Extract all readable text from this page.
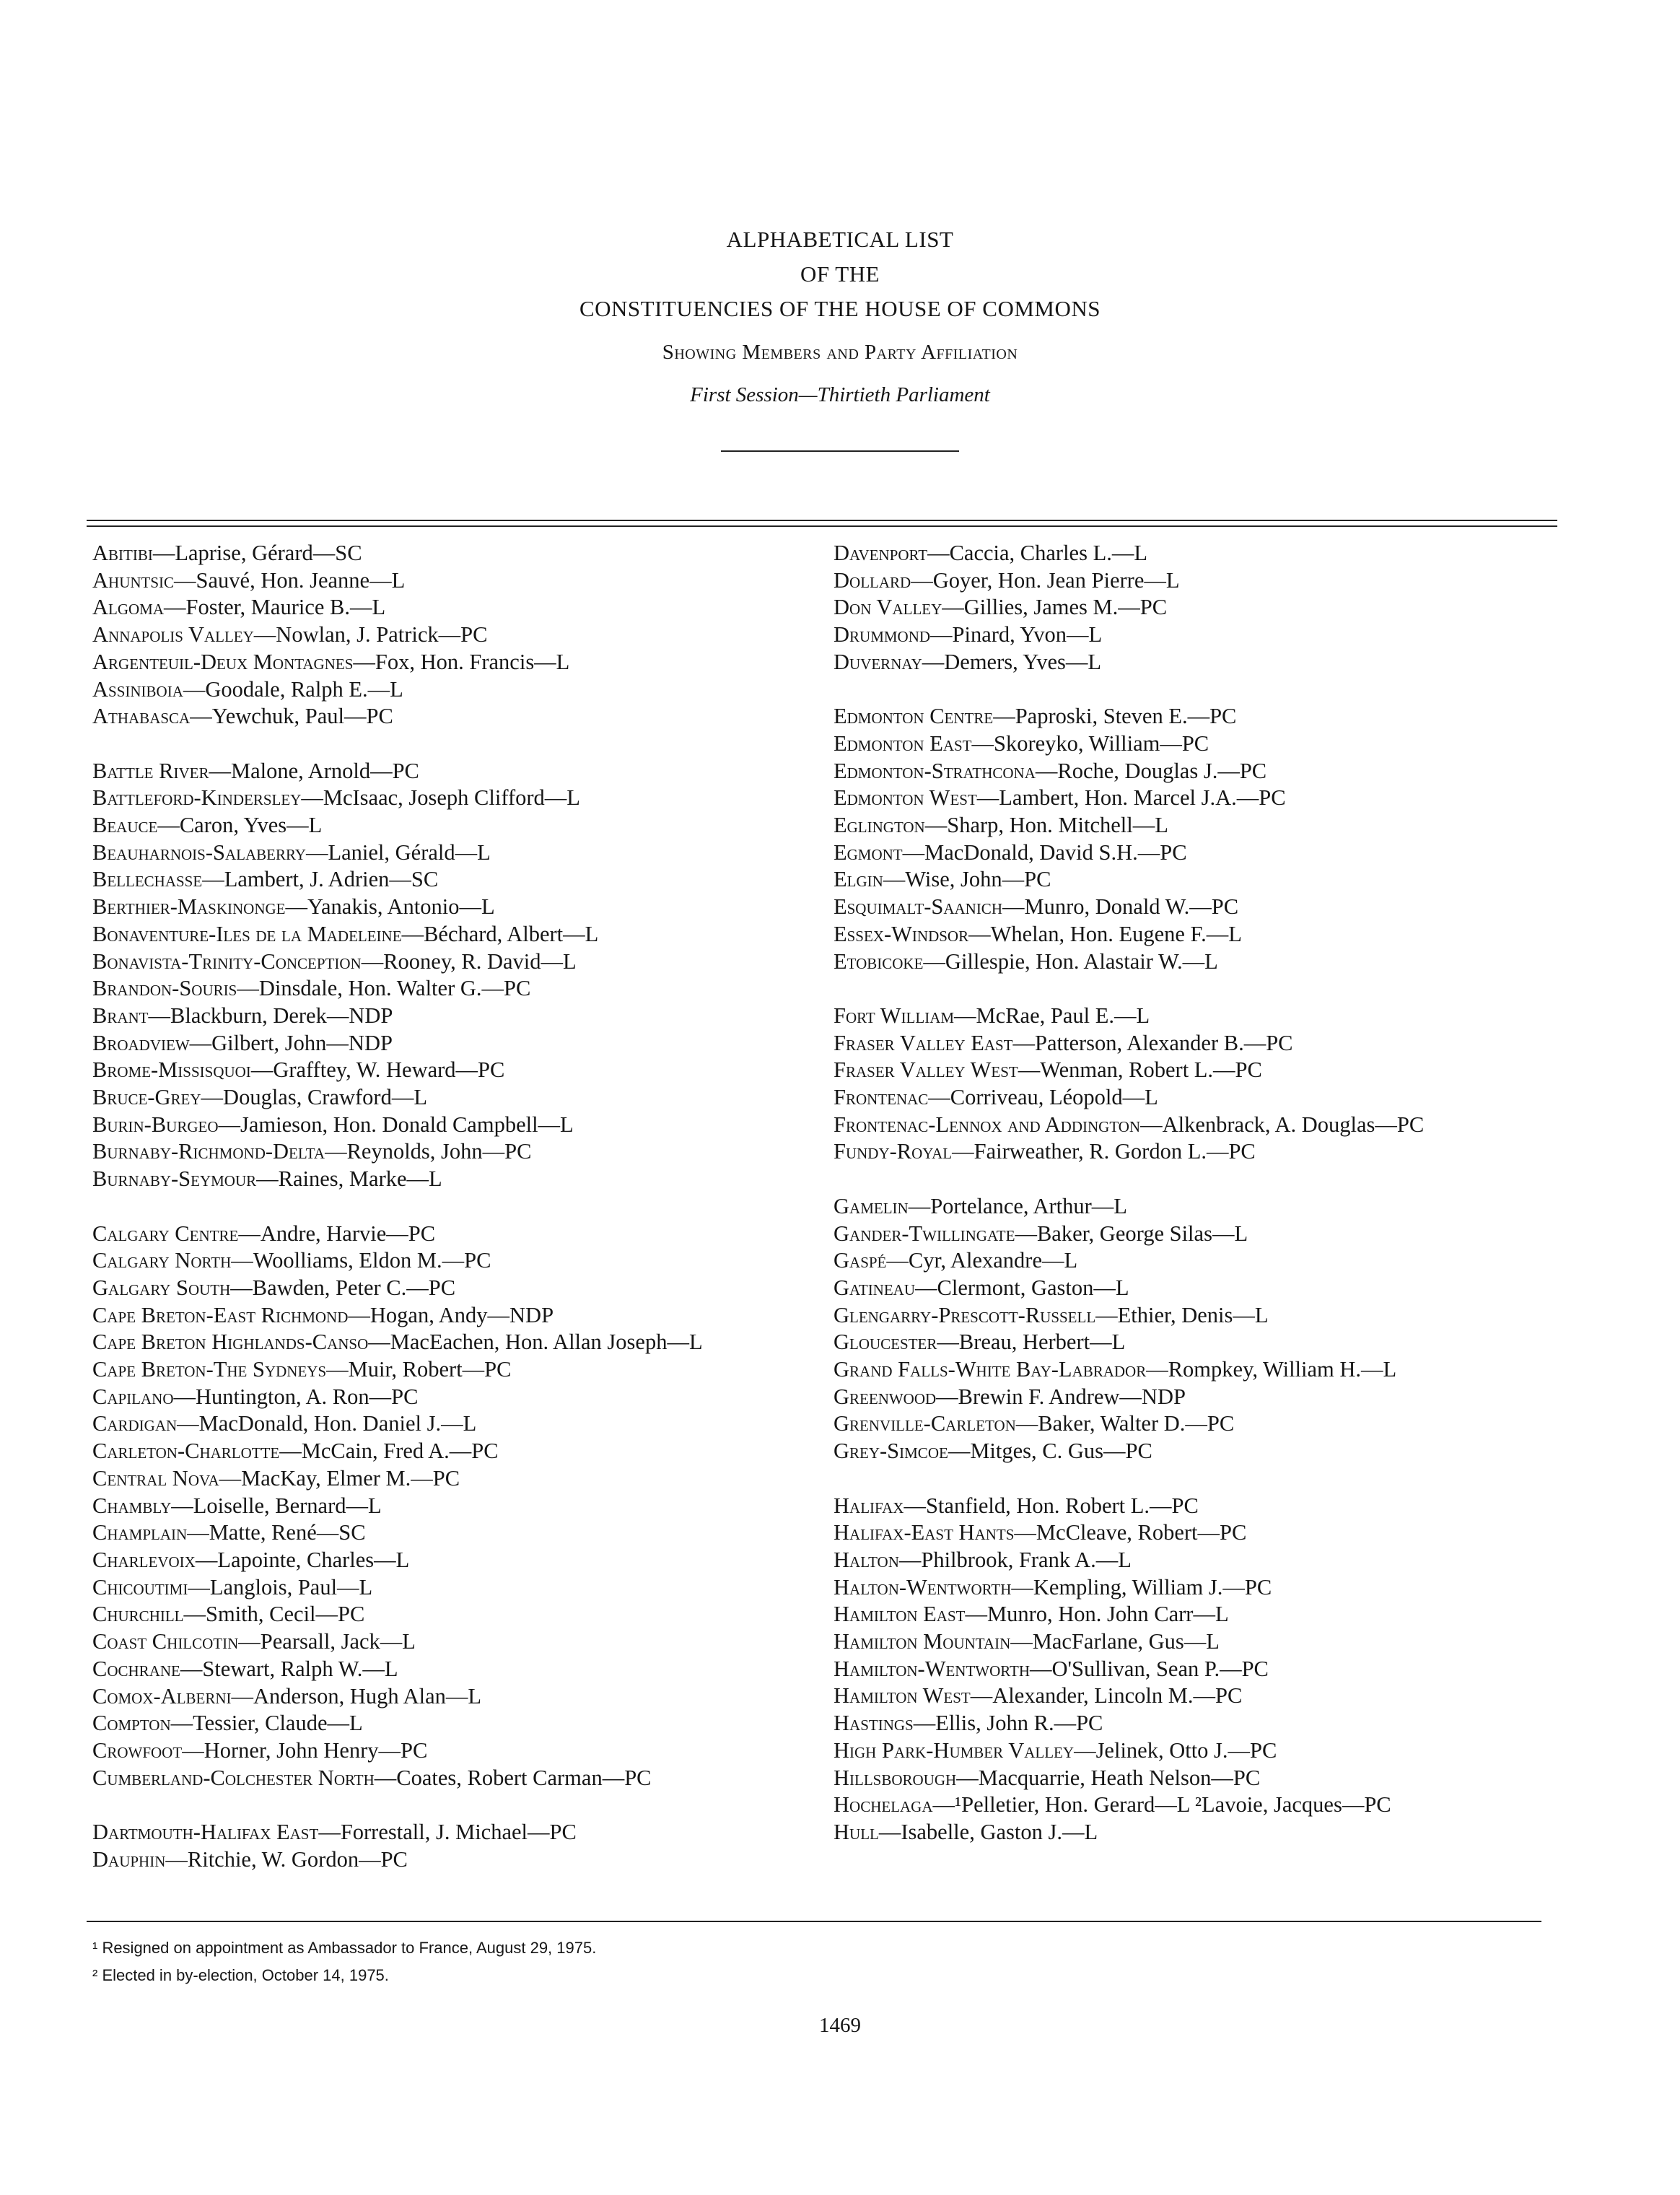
ALPHABETICAL LIST
OF THE
CONSTITUENCIES OF THE HOUSE OF COMMONS
Showing Members and Party Affiliation
First Session—Thirtieth Parliament
Abitibi—Laprise, Gérard—SC
Ahuntsic—Sauvé, Hon. Jeanne—L
Algoma—Foster, Maurice B.—L
Annapolis Valley—Nowlan, J. Patrick—PC
Argenteuil-Deux Montagnes—Fox, Hon. Francis—L
Assiniboia—Goodale, Ralph E.—L
Athabasca—Yewchuk, Paul—PC
Battle River—Malone, Arnold—PC
Battleford-Kindersley—McIsaac, Joseph Clifford—L
Beauce—Caron, Yves—L
Beauharnois-Salaberry—Laniel, Gérald—L
Bellechasse—Lambert, J. Adrien—SC
Berthier-Maskinonge—Yanakis, Antonio—L
Bonaventure-Iles de la Madeleine—Béchard, Albert—L
Bonavista-Trinity-Conception—Rooney, R. David—L
Brandon-Souris—Dinsdale, Hon. Walter G.—PC
Brant—Blackburn, Derek—NDP
Broadview—Gilbert, John—NDP
Brome-Missisquoi—Grafftey, W. Heward—PC
Bruce-Grey—Douglas, Crawford—L
Burin-Burgeo—Jamieson, Hon. Donald Campbell—L
Burnaby-Richmond-Delta—Reynolds, John—PC
Burnaby-Seymour—Raines, Marke—L
Calgary Centre—Andre, Harvie—PC
Calgary North—Woolliams, Eldon M.—PC
Galgary South—Bawden, Peter C.—PC
Cape Breton-East Richmond—Hogan, Andy—NDP
Cape Breton Highlands-Canso—MacEachen, Hon. Allan Joseph—L
Cape Breton-The Sydneys—Muir, Robert—PC
Capilano—Huntington, A. Ron—PC
Cardigan—MacDonald, Hon. Daniel J.—L
Carleton-Charlotte—McCain, Fred A.—PC
Central Nova—MacKay, Elmer M.—PC
Chambly—Loiselle, Bernard—L
Champlain—Matte, René—SC
Charlevoix—Lapointe, Charles—L
Chicoutimi—Langlois, Paul—L
Churchill—Smith, Cecil—PC
Coast Chilcotin—Pearsall, Jack—L
Cochrane—Stewart, Ralph W.—L
Comox-Alberni—Anderson, Hugh Alan—L
Compton—Tessier, Claude—L
Crowfoot—Horner, John Henry—PC
Cumberland-Colchester North—Coates, Robert Carman—PC
Dartmouth-Halifax East—Forrestall, J. Michael—PC
Dauphin—Ritchie, W. Gordon—PC
Davenport—Caccia, Charles L.—L
Dollard—Goyer, Hon. Jean Pierre—L
Don Valley—Gillies, James M.—PC
Drummond—Pinard, Yvon—L
Duvernay—Demers, Yves—L
Edmonton Centre—Paproski, Steven E.—PC
Edmonton East—Skoreyko, William—PC
Edmonton-Strathcona—Roche, Douglas J.—PC
Edmonton West—Lambert, Hon. Marcel J.A.—PC
Eglington—Sharp, Hon. Mitchell—L
Egmont—MacDonald, David S.H.—PC
Elgin—Wise, John—PC
Esquimalt-Saanich—Munro, Donald W.—PC
Essex-Windsor—Whelan, Hon. Eugene F.—L
Etobicoke—Gillespie, Hon. Alastair W.—L
Fort William—McRae, Paul E.—L
Fraser Valley East—Patterson, Alexander B.—PC
Fraser Valley West—Wenman, Robert L.—PC
Frontenac—Corriveau, Léopold—L
Frontenac-Lennox and Addington—Alkenbrack, A. Douglas—PC
Fundy-Royal—Fairweather, R. Gordon L.—PC
Gamelin—Portelance, Arthur—L
Gander-Twillingate—Baker, George Silas—L
Gaspé—Cyr, Alexandre—L
Gatineau—Clermont, Gaston—L
Glengarry-Prescott-Russell—Ethier, Denis—L
Gloucester—Breau, Herbert—L
Grand Falls-White Bay-Labrador—Rompkey, William H.—L
Greenwood—Brewin F. Andrew—NDP
Grenville-Carleton—Baker, Walter D.—PC
Grey-Simcoe—Mitges, C. Gus—PC
Halifax—Stanfield, Hon. Robert L.—PC
Halifax-East Hants—McCleave, Robert—PC
Halton—Philbrook, Frank A.—L
Halton-Wentworth—Kempling, William J.—PC
Hamilton East—Munro, Hon. John Carr—L
Hamilton Mountain—MacFarlane, Gus—L
Hamilton-Wentworth—O'Sullivan, Sean P.—PC
Hamilton West—Alexander, Lincoln M.—PC
Hastings—Ellis, John R.—PC
High Park-Humber Valley—Jelinek, Otto J.—PC
Hillsborough—Macquarrie, Heath Nelson—PC
Hochelaga—¹Pelletier, Hon. Gerard—L ²Lavoie, Jacques—PC
Hull—Isabelle, Gaston J.—L
¹ Resigned on appointment as Ambassador to France, August 29, 1975.
² Elected in by-election, October 14, 1975.
1469
